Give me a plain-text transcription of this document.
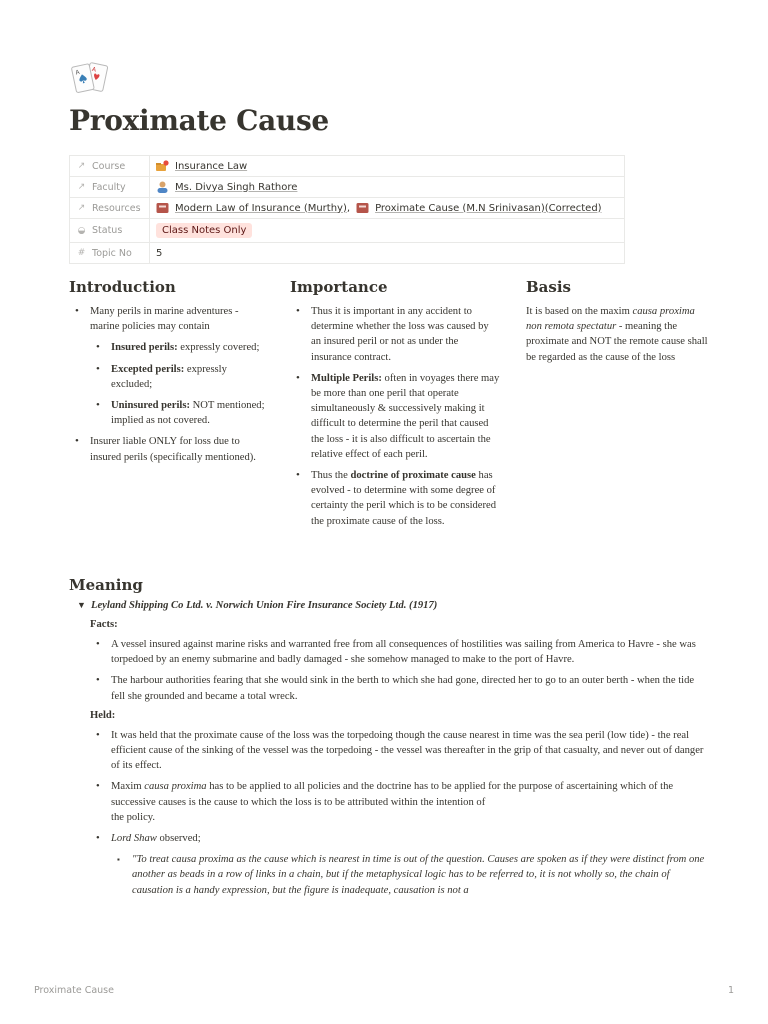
A
A
Proximate Cause
↗ Course	Insurance Law
↗ Faculty	Ms. Divya Singh Rathore
↗ Resources	Modern Law of Insurance (Murthy) ,	Proximate Cause (M.N Srinivasan)(Corrected)
◒ Status	Class Notes Only
# Topic No 5
Introduction
• Many perils in marine adventures - marine policies may contain
• Insured perils: expressly covered;
• Excepted perils: expressly excluded;
• Uninsured perils: NOT mentioned; implied as not covered.
• Insurer liable ONLY for loss due to insured perils (specifically mentioned).
Importance
• Thus it is important in any accident to determine whether the loss was caused by an insured peril or not as under the insurance contract.
• Multiple Perils: often in voyages there may be more than one peril that operate simultaneously & successively making it difficult to determine the peril that caused the loss - it is also difficult to ascertain the relative effect of each peril.
• Thus the doctrine of proximate cause has evolved - to determine with some degree of certainty the peril which is to be considered the proximate cause of the loss.
Basis

It is based on the maxim causa proxima non remota spectatur - meaning the proximate and NOT the remote cause shall be regarded as the cause of the loss

Meaning
▼ Leyland Shipping Co Ltd. v. Norwich Union Fire Insurance Society Ltd. (1917)
Facts:
• A vessel insured against marine risks and warranted free from all consequences of hostilities was sailing from America to Havre - she was torpedoed by an enemy submarine and badly damaged - she somehow managed to make to the port of Havre.
• The harbour authorities fearing that she would sink in the berth to which she had gone, directed her to go to an outer berth - when the tide fell she grounded and became a total wreck.
Held:
• It was held that the proximate cause of the loss was the torpedoing though the cause nearest in time was the sea peril (low tide) - the real efficient cause of the sinking of the vessel was the torpedoing - the vessel was thereafter in the grip of that casualty, and never out of danger of its effect.
• Maxim causa proxima has to be applied to all policies and the doctrine has to be applied for the purpose of ascertaining which of the successive causes is the cause to which the loss is to be attributed within the intention of
the policy.
• Lord Shaw observed;
▪ "To treat causa proxima as the cause which is nearest in time is out of the question. Causes are spoken as if they were distinct from one another as beads in a row of links in a chain, but if the metaphysical logic has to be referred to, it is not wholly so, the chain of causation is a handy expression, but the figure is inadequate, causation is not a
Proximate Cause	1
